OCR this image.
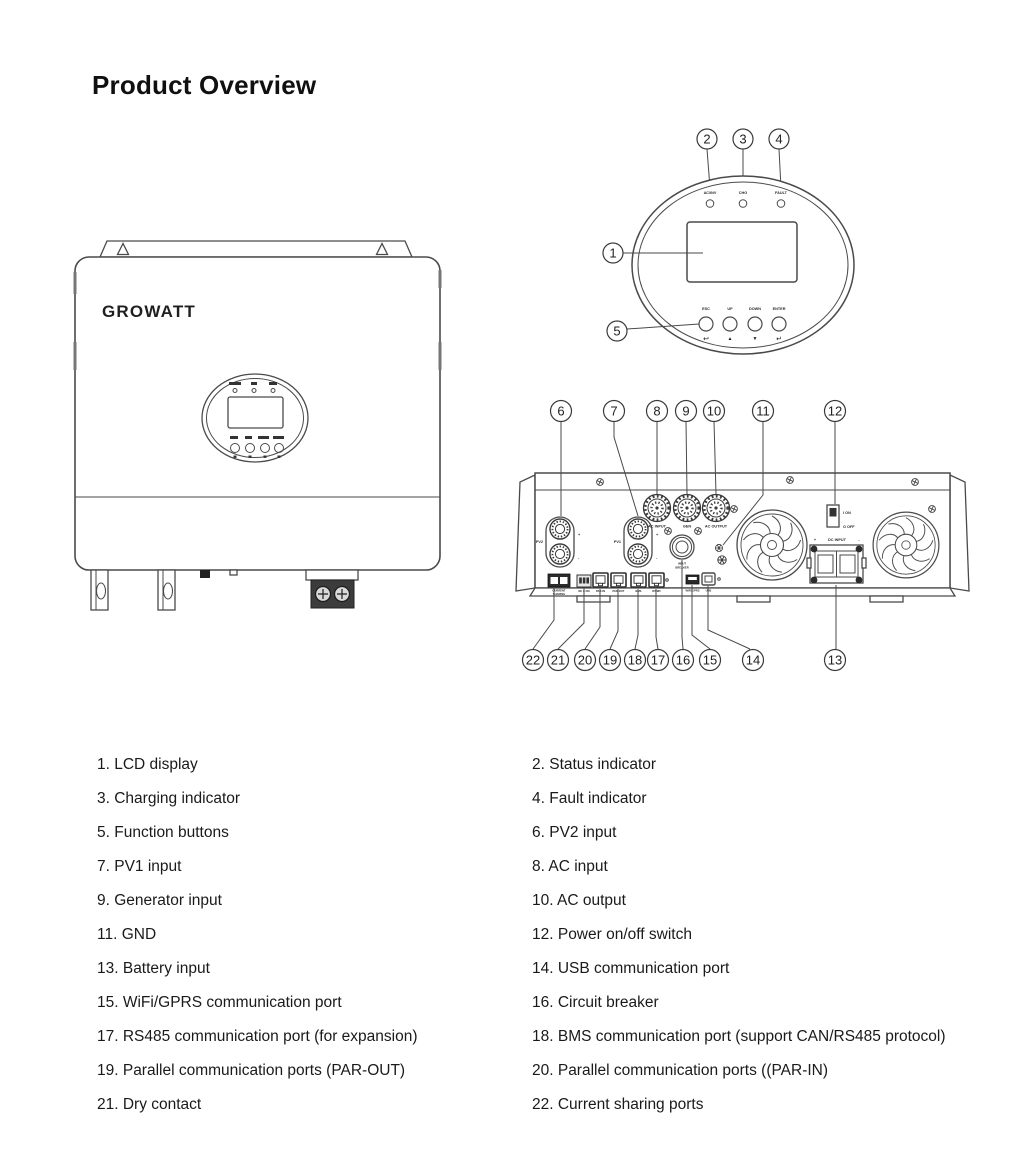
Product Overview
GROWATT
2 3 4
AC/INV	CHG	FAULT
1
ESC	UP	DOWN	ENTER
↩	▲	▼	↵
5
PV2
+
-
PV1
+
-
AC INPUT	GEN	AC OUTPUT
INPUT
BREAKER
I ON
O OFF
+	DC INPUT	-
CURRENT
SHARING
NC C NO PAR-IN	PAR-OUT	BMS	RS485	WIFI/GPRS USB
6	7	8 9 10	11	12
22 21 20 19 18 17 16 15 14	13
1. LCD display	2. Status indicator
3. Charging indicator	4. Fault indicator
5. Function buttons	6. PV2 input
7. PV1 input	8. AC input
9. Generator input	10. AC output
11. GND	12. Power on/off switch
13. Battery input	14. USB communication port
15. WiFi/GPRS communication port	16. Circuit breaker
17. RS485 communication port (for expansion)	18. BMS communication port (support CAN/RS485 protocol)
19. Parallel communication ports (PAR-OUT)	20. Parallel communication ports ((PAR-IN)
21. Dry contact	22. Current sharing ports
